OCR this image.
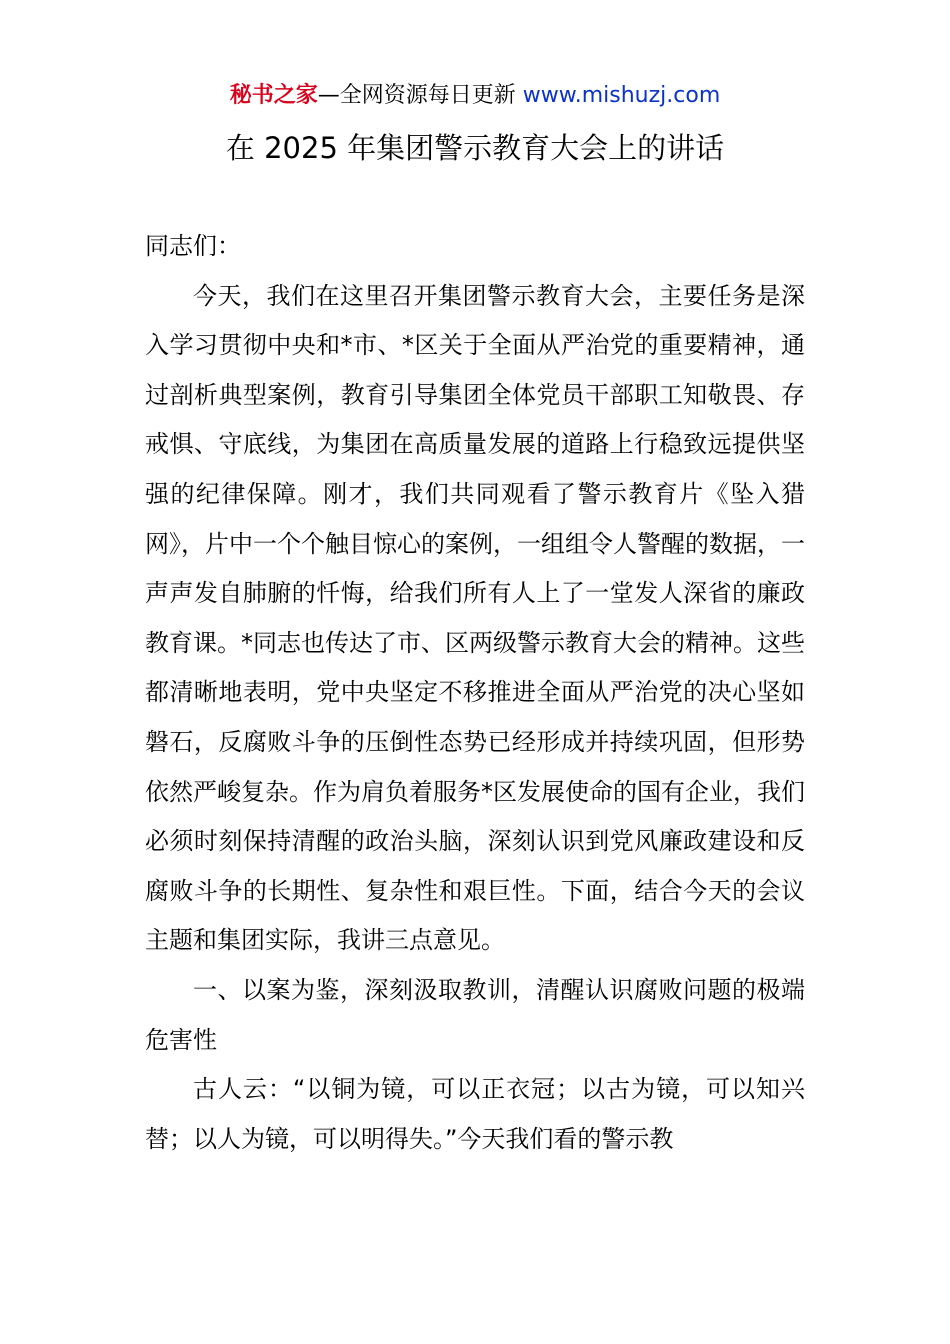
秘书之家—全网资源每日更新 www.mishuzj.com
在 2025 年集团警示教育大会上的讲话

同志们：

今天，我们在这里召开集团警示教育大会，主要任务是深入学习贯彻中央和*市、*区关于全面从严治党的重要精神，通过剖析典型案例，教育引导集团全体党员干部职工知敬畏、存戒惧、守底线，为集团在高质量发展的道路上行稳致远提供坚强的纪律保障。刚才，我们共同观看了警示教育片《坠入猎网》，片中一个个触目惊心的案例，一组组令人警醒的数据，一声声发自肺腑的忏悔，给我们所有人上了一堂发人深省的廉政教育课。*同志也传达了市、区两级警示教育大会的精神。这些都清晰地表明，党中央坚定不移推进全面从严治党的决心坚如磐石，反腐败斗争的压倒性态势已经形成并持续巩固，但形势依然严峻复杂。作为肩负着服务*区发展使命的国有企业，我们必须时刻保持清醒的政治头脑，深刻认识到党风廉政建设和反腐败斗争的长期性、复杂性和艰巨性。下面，结合今天的会议主题和集团实际，我讲三点意见。

一、以案为鉴，深刻汲取教训，清醒认识腐败问题的极端危害性

古人云：“以铜为镜，可以正衣冠；以古为镜，可以知兴替；以人为镜，可以明得失。”今天我们看的警示教
